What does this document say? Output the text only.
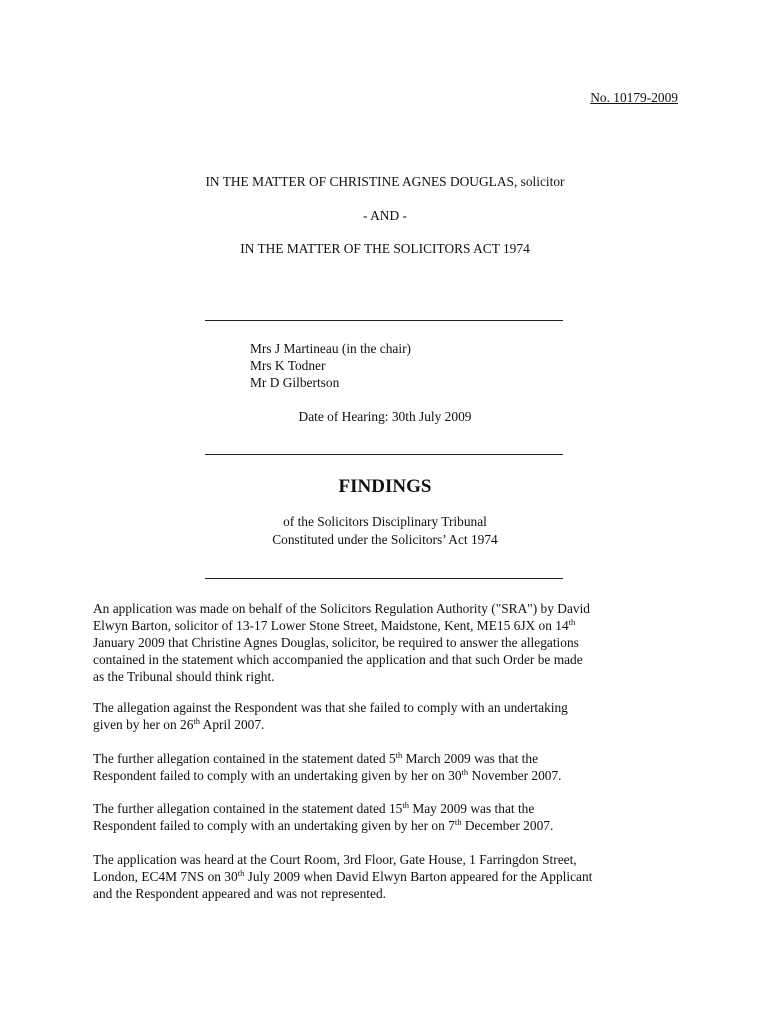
No. 10179-2009
IN THE MATTER OF CHRISTINE AGNES DOUGLAS, solicitor
- AND -
IN THE MATTER OF THE SOLICITORS ACT 1974
Mrs J Martineau (in the chair)
Mrs K Todner
Mr D Gilbertson
Date of Hearing: 30th July 2009
FINDINGS
of the Solicitors Disciplinary Tribunal
Constituted under the Solicitors’ Act 1974
An application was made on behalf of the Solicitors Regulation Authority ("SRA") by David
Elwyn Barton, solicitor of 13-17 Lower Stone Street, Maidstone, Kent, ME15 6JX on 14th
January 2009 that Christine Agnes Douglas, solicitor, be required to answer the allegations
contained in the statement which accompanied the application and that such Order be made
as the Tribunal should think right.
The allegation against the Respondent was that she failed to comply with an undertaking
given by her on 26th April 2007.
The further allegation contained in the statement dated 5th March 2009 was that the
Respondent failed to comply with an undertaking given by her on 30th November 2007.
The further allegation contained in the statement dated 15th May 2009 was that the
Respondent failed to comply with an undertaking given by her on 7th December 2007.
The application was heard at the Court Room, 3rd Floor, Gate House, 1 Farringdon Street,
London, EC4M 7NS on 30th July 2009 when David Elwyn Barton appeared for the Applicant
and the Respondent appeared and was not represented.
